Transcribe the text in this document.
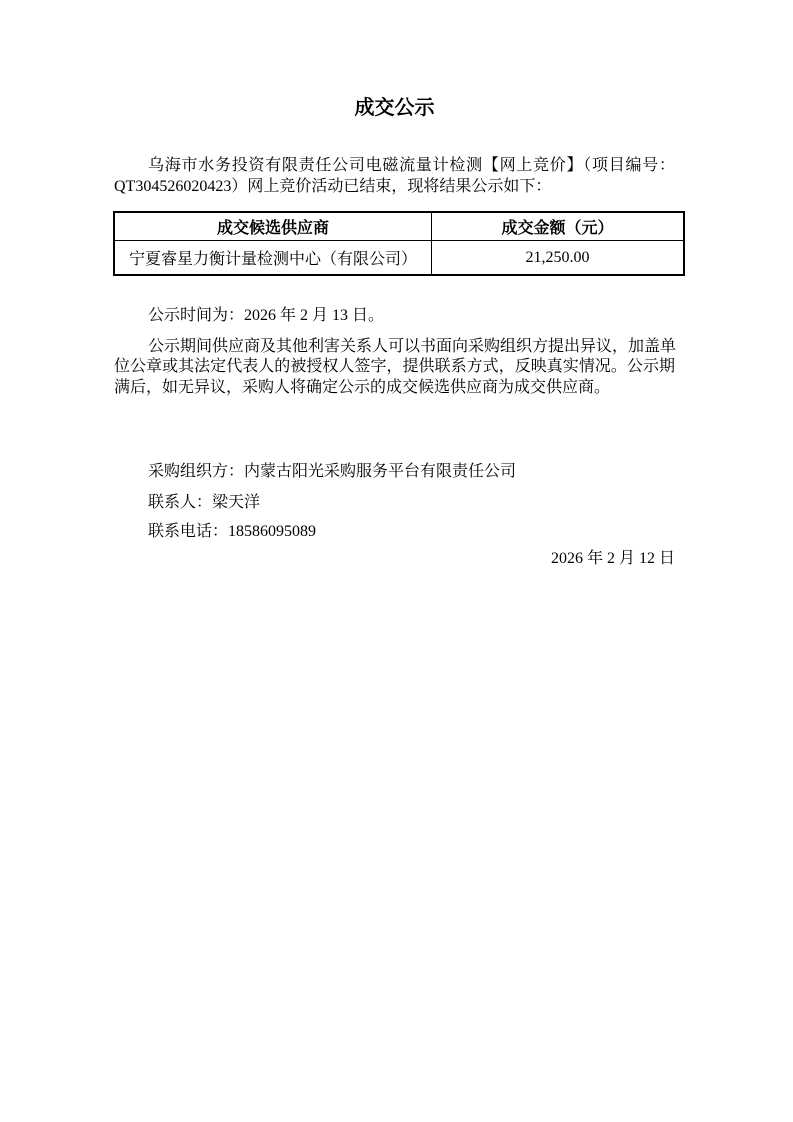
成交公示
乌海市水务投资有限责任公司电磁流量计检测【网上竞价】（项目编号：
QT304526020423）网上竞价活动已结束，现将结果公示如下：
成交候选供应商	成交金额（元）
宁夏睿星力衡计量检测中心（有限公司）	21,250.00
公示时间为：2026 年 2 月 13 日。
公示期间供应商及其他利害关系人可以书面向采购组织方提出异议，加盖单
位公章或其法定代表人的被授权人签字，提供联系方式，反映真实情况。公示期
满后，如无异议，采购人将确定公示的成交候选供应商为成交供应商。
采购组织方：内蒙古阳光采购服务平台有限责任公司
联系人：梁天洋
联系电话：18586095089
2026 年 2 月 12 日
